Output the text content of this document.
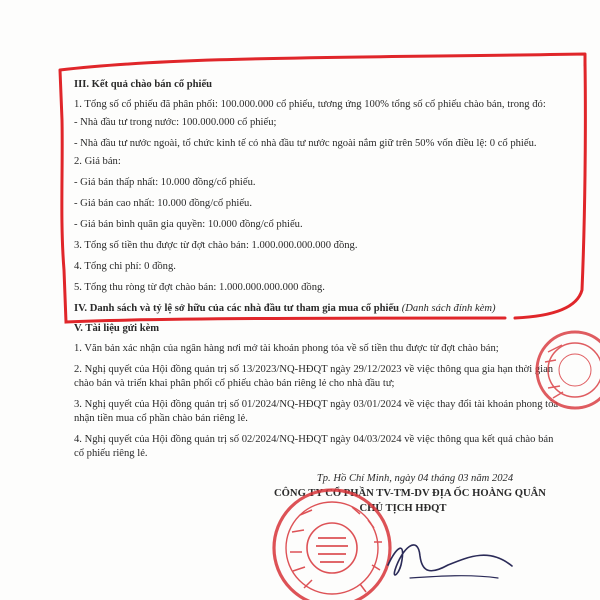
III. Kết quả chào bán cổ phiếu
1. Tổng số cổ phiếu đã phân phối: 100.000.000 cổ phiếu, tương ứng 100% tổng số cổ phiếu chào bán, trong đó:
- Nhà đầu tư trong nước: 100.000.000 cổ phiếu;
- Nhà đầu tư nước ngoài, tổ chức kinh tế có nhà đầu tư nước ngoài nắm giữ trên 50% vốn điều lệ: 0 cổ phiếu.
2. Giá bán:
- Giá bán thấp nhất: 10.000 đồng/cổ phiếu.
- Giá bán cao nhất: 10.000 đồng/cổ phiếu.
- Giá bán bình quân gia quyền: 10.000 đồng/cổ phiếu.
3. Tổng số tiền thu được từ đợt chào bán: 1.000.000.000.000 đồng.
4. Tổng chi phí: 0 đồng.
5. Tổng thu ròng từ đợt chào bán: 1.000.000.000.000 đồng.
IV. Danh sách và tỷ lệ sở hữu của các nhà đầu tư tham gia mua cổ phiếu (Danh sách đính kèm)
V. Tài liệu gửi kèm
1. Văn bản xác nhận của ngân hàng nơi mở tài khoản phong tỏa về số tiền thu được từ đợt chào bán;
2. Nghị quyết của Hội đồng quản trị số 13/2023/NQ-HĐQT ngày 29/12/2023 về việc thông qua gia hạn thời gian chào bán và triển khai phân phối cổ phiếu chào bán riêng lẻ cho nhà đầu tư;
3. Nghị quyết của Hội đồng quản trị số 01/2024/NQ-HĐQT ngày 03/01/2024 về việc thay đổi tài khoản phong tỏa nhận tiền mua cổ phần chào bán riêng lẻ.
4. Nghị quyết của Hội đồng quản trị số 02/2024/NQ-HĐQT ngày 04/03/2024 về việc thông qua kết quả chào bán cổ phiếu riêng lẻ.
Tp. Hồ Chí Minh, ngày 04 tháng 03 năm 2024
CÔNG TY CỔ PHẦN TV-TM-DV ĐỊA ỐC HOÀNG QUÂN
CHỦ TỊCH HĐQT
